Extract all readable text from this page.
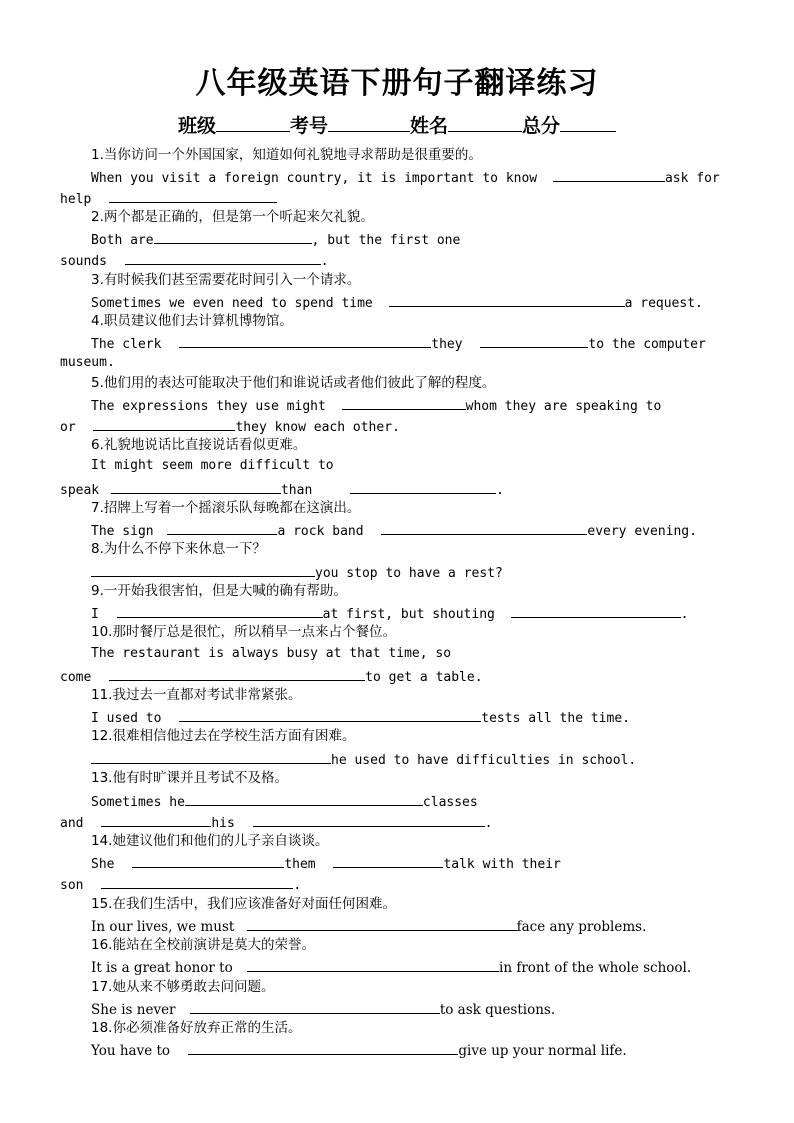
八年级英语下册句子翻译练习
班级	考号	姓名	总分
1.当你访问一个外国国家，知道如何礼貌地寻求帮助是很重要的。
When you visit a foreign country, it is important to know	ask for
help
2.两个都是正确的，但是第一个听起来欠礼貌。
Both are	, but the first one
sounds	.
3.有时候我们甚至需要花时间引入一个请求。
Sometimes we even need to spend time	a request.
4.职员建议他们去计算机博物馆。
The clerk	they	to the computer
museum.
5.他们用的表达可能取决于他们和谁说话或者他们彼此了解的程度。
The expressions they use might	whom they are speaking to
or	they know each other.
6.礼貌地说话比直接说话看似更难。
It might seem more difficult to
speak	than	.
7.招牌上写着一个摇滚乐队每晚都在这演出。
The sign	a rock band	every evening.
8.为什么不停下来休息一下？
you stop to have a rest?
9.一开始我很害怕，但是大喊的确有帮助。
I	at first, but shouting	.
10.那时餐厅总是很忙，所以稍早一点来占个餐位。
The restaurant is always busy at that time, so
come	to get a table.
11.我过去一直都对考试非常紧张。
I used to	tests all the time.
12.很难相信他过去在学校生活方面有困难。
he used to have difficulties in school.
13.他有时旷课并且考试不及格。
Sometimes he	classes
and	his	.
14.她建议他们和他们的儿子亲自谈谈。
She	them	talk with their
son	.
15.在我们生活中，我们应该准备好对面任何困难。
In our lives, we must	face any problems.
16.能站在全校前演讲是莫大的荣誉。
It is a great honor to	in front of the whole school.
17.她从来不够勇敢去问问题。
She is never	to ask questions.
18.你必须准备好放弃正常的生活。
You have to	give up your normal life.
